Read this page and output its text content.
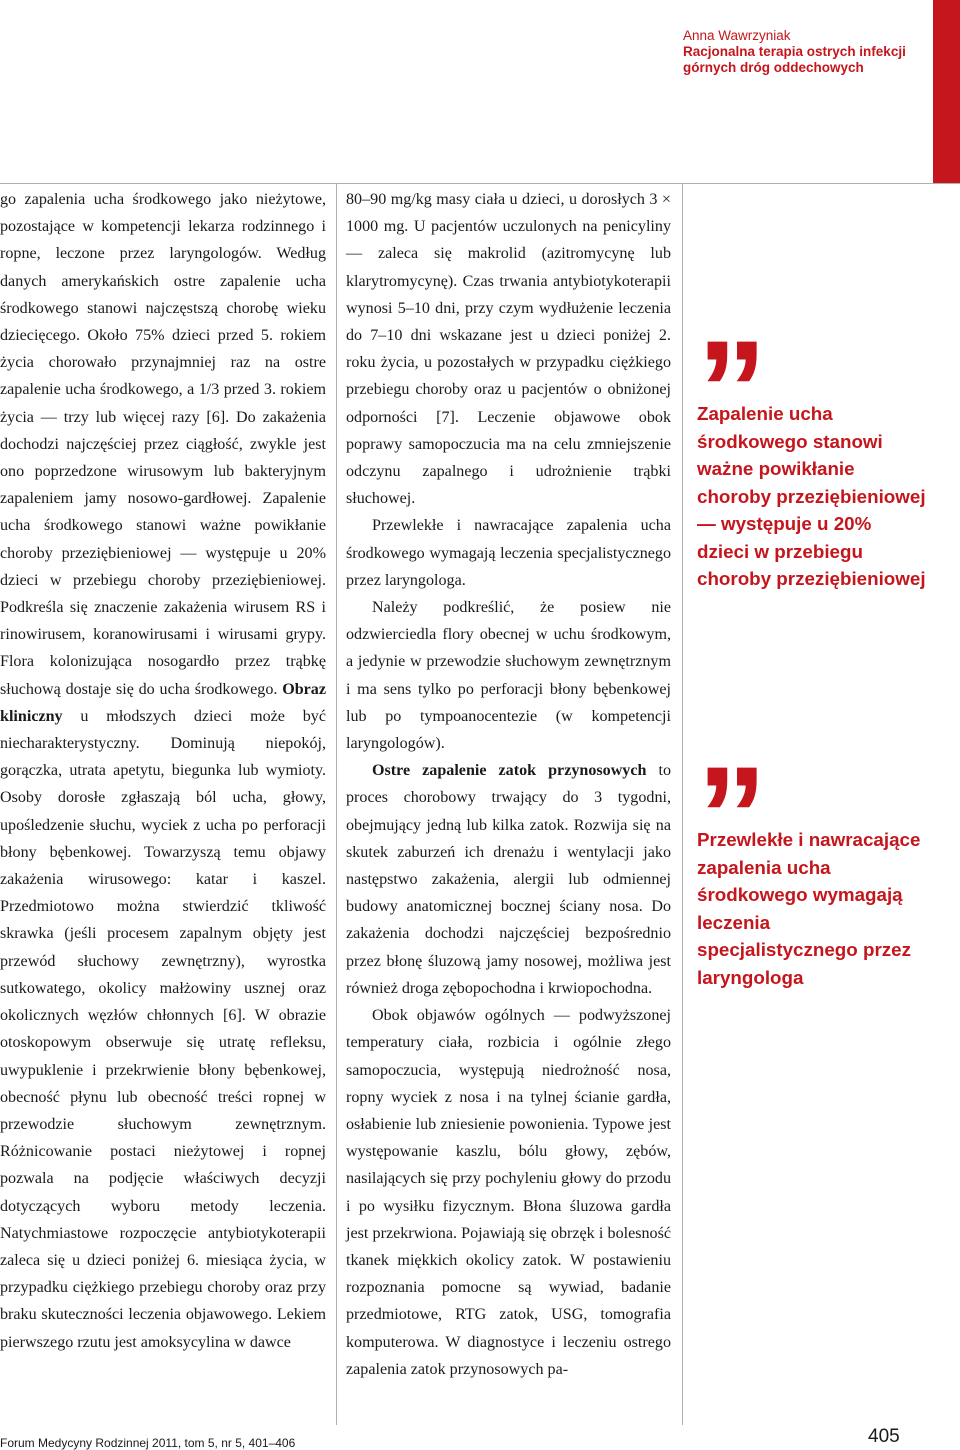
Anna Wawrzyniak
Racjonalna terapia ostrych infekcji
górnych dróg oddechowych

go zapalenia ucha środkowego jako nieżytowe, pozostające w kompetencji lekarza rodzinnego i ropne, leczone przez laryngologów. Według danych amerykańskich ostre zapalenie ucha środkowego stanowi najczęstszą chorobę wieku dziecięcego. Około 75% dzieci przed 5. rokiem życia chorowało przynajmniej raz na ostre zapalenie ucha środkowego, a 1/3 przed 3. rokiem życia — trzy lub więcej razy [6]. Do zakażenia dochodzi najczęściej przez ciągłość, zwykle jest ono poprzedzone wirusowym lub bakteryjnym zapaleniem jamy nosowo-gardłowej. Zapalenie ucha środkowego stanowi ważne powikłanie choroby przeziębieniowej — występuje u 20% dzieci w przebiegu choroby przeziębieniowej. Podkreśla się znaczenie zakażenia wirusem RS i rinowirusem, koranowirusami i wirusami grypy. Flora kolonizująca nosogardło przez trąbkę słuchową dostaje się do ucha środkowego. Obraz kliniczny u młodszych dzieci może być niecharakterystyczny. Dominują niepokój, gorączka, utrata apetytu, biegunka lub wymioty. Osoby dorosłe zgłaszają ból ucha, głowy, upośledzenie słuchu, wyciek z ucha po perforacji błony bębenkowej. Towarzyszą temu objawy zakażenia wirusowego: katar i kaszel. Przedmiotowo można stwierdzić tkliwość skrawka (jeśli procesem zapalnym objęty jest przewód słuchowy zewnętrzny), wyrostka sutkowatego, okolicy małżowiny usznej oraz okolicznych węzłów chłonnych [6]. W obrazie otoskopowym obserwuje się utratę refleksu, uwypuklenie i przekrwienie błony bębenkowej, obecność płynu lub obecność treści ropnej w przewodzie słuchowym zewnętrznym. Różnicowanie postaci nieżytowej i ropnej pozwala na podjęcie właściwych decyzji dotyczących wyboru metody leczenia. Natychmiastowe rozpoczęcie antybiotykoterapii zaleca się u dzieci poniżej 6. miesiąca życia, w przypadku ciężkiego przebiegu choroby oraz przy braku skuteczności leczenia objawowego. Lekiem pierwszego rzutu jest amoksycylina w dawce

80–90 mg/kg masy ciała u dzieci, u dorosłych 3 × 1000 mg. U pacjentów uczulonych na penicyliny — zaleca się makrolid (azitromycynę lub klarytromycynę). Czas trwania antybiotykoterapii wynosi 5–10 dni, przy czym wydłużenie leczenia do 7–10 dni wskazane jest u dzieci poniżej 2. roku życia, u pozostałych w przypadku ciężkiego przebiegu choroby oraz u pacjentów o obniżonej odporności [7]. Leczenie objawowe obok poprawy samopoczucia ma na celu zmniejszenie odczynu zapalnego i udrożnienie trąbki słuchowej.

Przewlekłe i nawracające zapalenia ucha środkowego wymagają leczenia specjalistycznego przez laryngologa.

Należy podkreślić, że posiew nie odzwierciedla flory obecnej w uchu środkowym, a jedynie w przewodzie słuchowym zewnętrznym i ma sens tylko po perforacji błony bębenkowej lub po tympoanocentezie (w kompetencji laryngologów).

Ostre zapalenie zatok przynosowych to proces chorobowy trwający do 3 tygodni, obejmujący jedną lub kilka zatok. Rozwija się na skutek zaburzeń ich drenażu i wentylacji jako następstwo zakażenia, alergii lub odmiennej budowy anatomicznej bocznej ściany nosa. Do zakażenia dochodzi najczęściej bezpośrednio przez błonę śluzową jamy nosowej, możliwa jest również droga zębopochodna i krwiopochodna.

Obok objawów ogólnych — podwyższonej temperatury ciała, rozbicia i ogólnie złego samopoczucia, występują niedrożność nosa, ropny wyciek z nosa i na tylnej ścianie gardła, osłabienie lub zniesienie powonienia. Typowe jest występowanie kaszlu, bólu głowy, zębów, nasilających się przy pochyleniu głowy do przodu i po wysiłku fizycznym. Błona śluzowa gardła jest przekrwiona. Pojawiają się obrzęk i bolesność tkanek miękkich okolicy zatok. W postawieniu rozpoznania pomocne są wywiad, badanie przedmiotowe, RTG zatok, USG, tomografia komputerowa. W diagnostyce i leczeniu ostrego zapalenia zatok przynosowych pa-

Zapalenie ucha środkowego stanowi ważne powikłanie choroby przeziębieniowej — występuje u 20% dzieci w przebiegu choroby przeziębieniowej
Przewlekłe i nawracające zapalenia ucha środkowego wymagają leczenia specjalistycznego przez laryngologa
Forum Medycyny Rodzinnej 2011, tom 5, nr 5, 401–406	405
